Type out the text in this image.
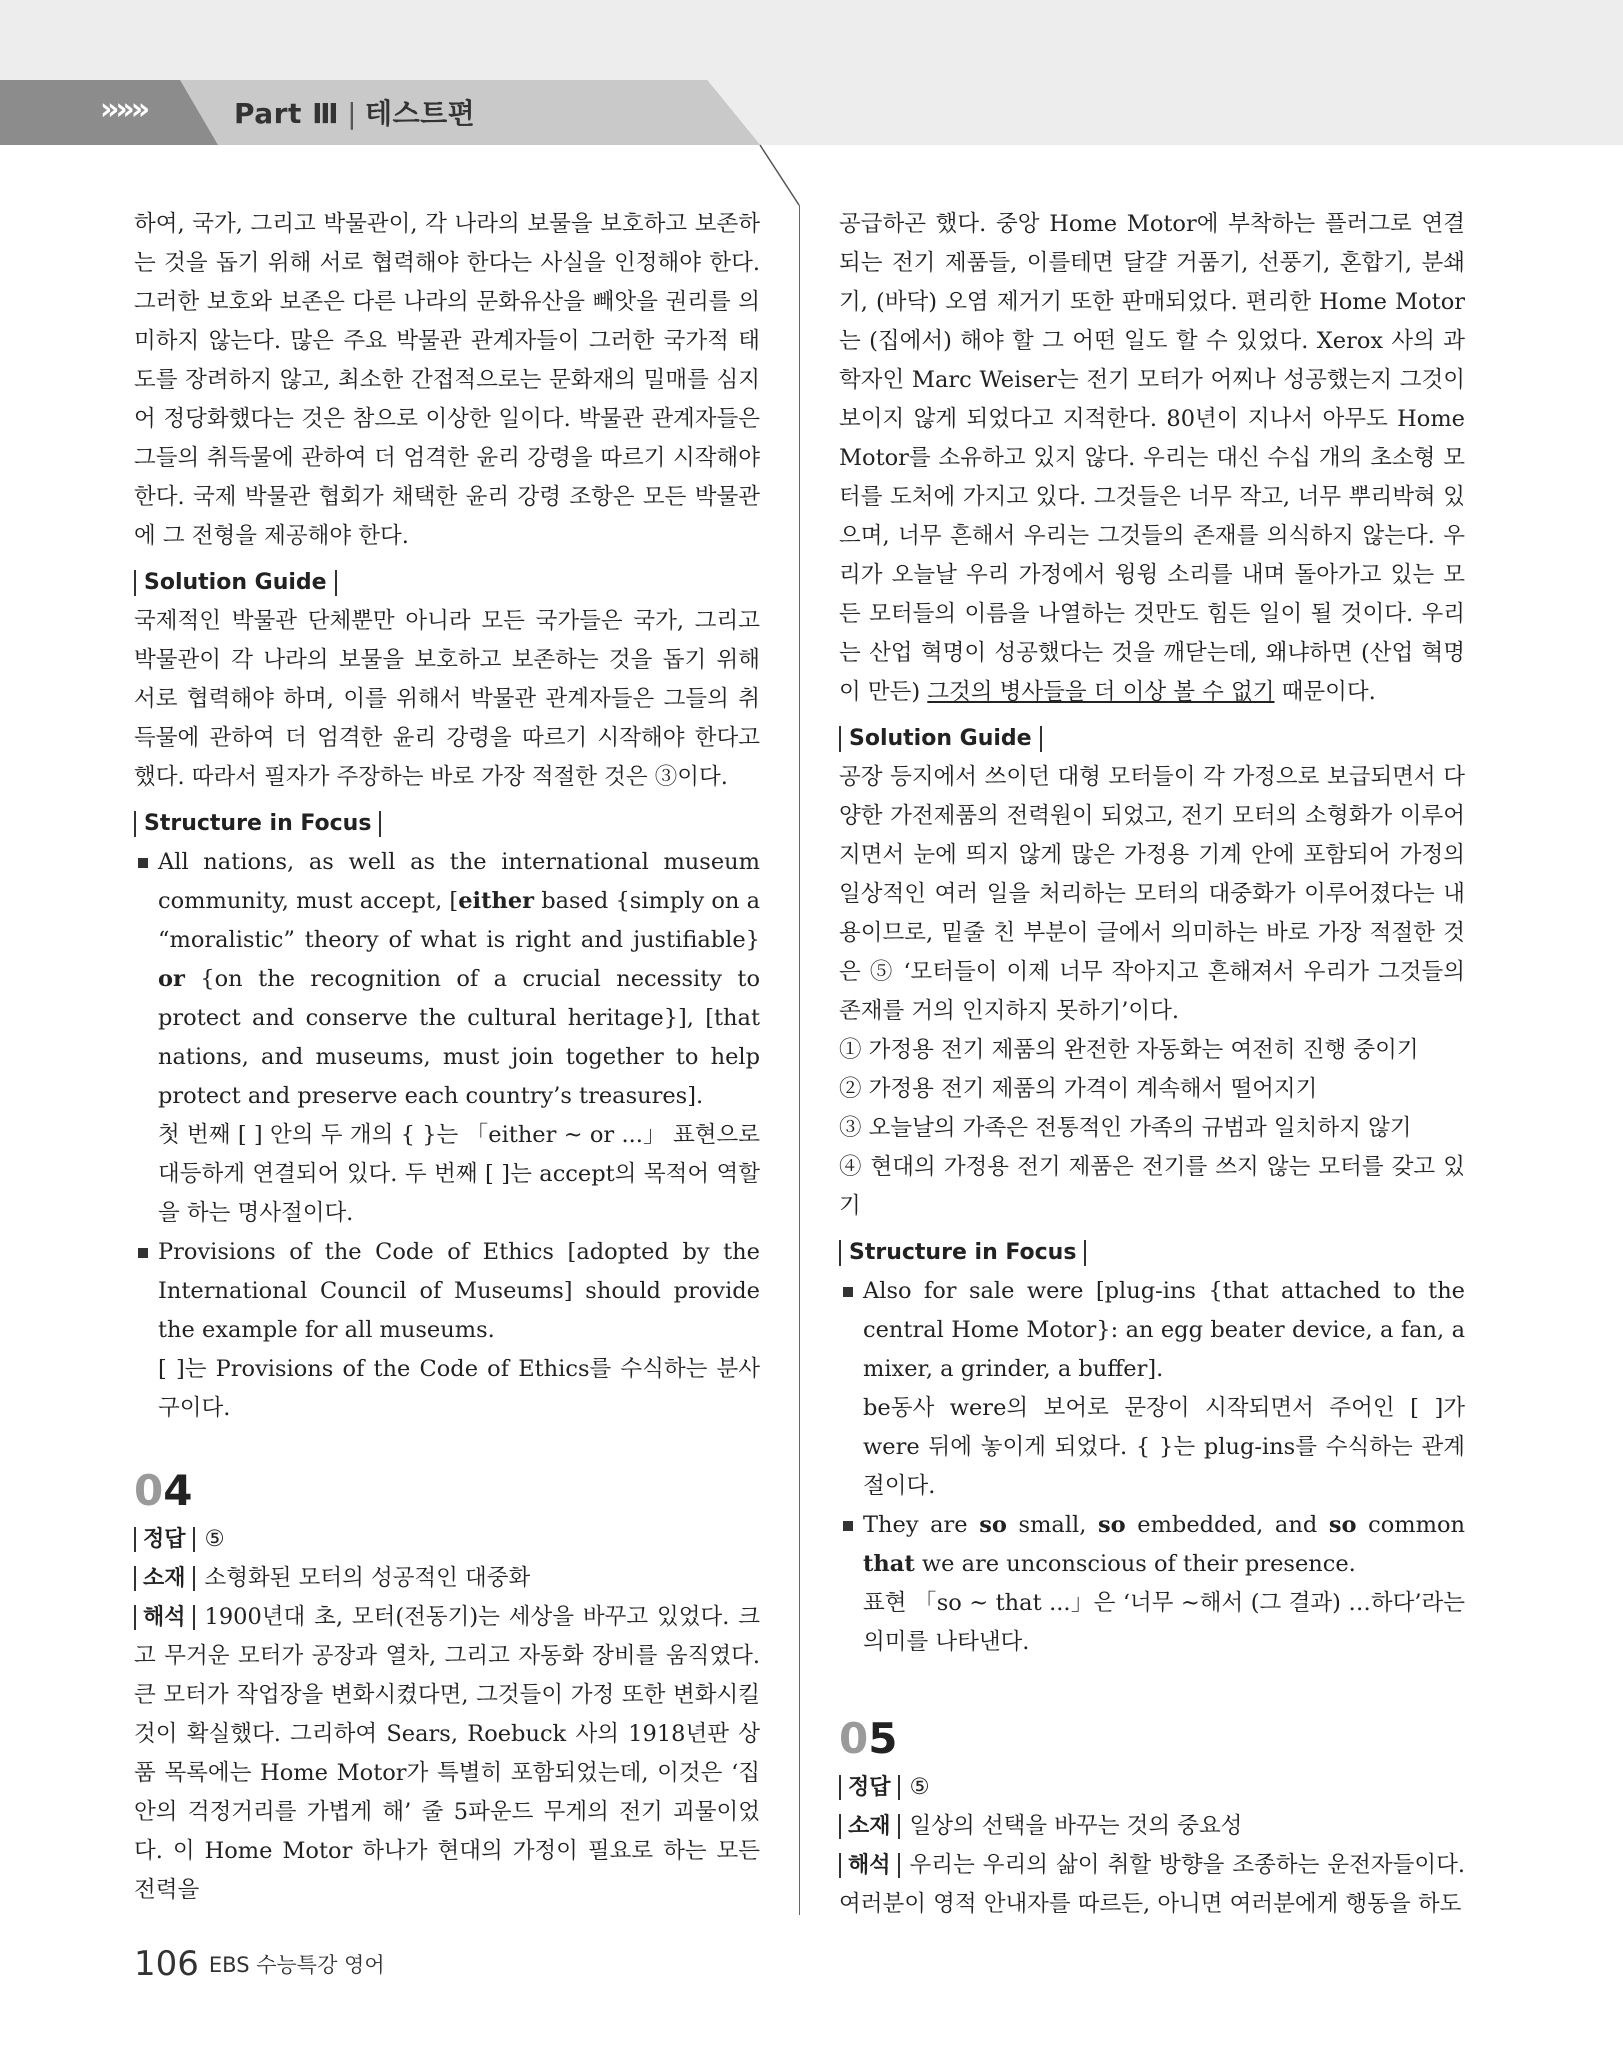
»»»	Part Ⅲ | 테스트편

하여, 국가, 그리고 박물관이, 각 나라의 보물을 보호하고 보존하는 것을 돕기 위해 서로 협력해야 한다는 사실을 인정해야 한다. 그러한 보호와 보존은 다른 나라의 문화유산을 빼앗을 권리를 의미하지 않는다. 많은 주요 박물관 관계자들이 그러한 국가적 태도를 장려하지 않고, 최소한 간접적으로는 문화재의 밀매를 심지어 정당화했다는 것은 참으로 이상한 일이다. 박물관 관계자들은 그들의 취득물에 관하여 더 엄격한 윤리 강령을 따르기 시작해야 한다. 국제 박물관 협회가 채택한 윤리 강령 조항은 모든 박물관에 그 전형을 제공해야 한다.

Solution Guide

국제적인 박물관 단체뿐만 아니라 모든 국가들은 국가, 그리고 박물관이 각 나라의 보물을 보호하고 보존하는 것을 돕기 위해 서로 협력해야 하며, 이를 위해서 박물관 관계자들은 그들의 취득물에 관하여 더 엄격한 윤리 강령을 따르기 시작해야 한다고 했다. 따라서 필자가 주장하는 바로 가장 적절한 것은 ③이다.

Structure in Focus
All nations, as well as the international museum community, must accept, [either based {simply on a “moralistic” theory of what is right and justifiable} or {on the recognition of a crucial necessity to protect and conserve the cultural heritage}], [that nations, and museums, must join together to help protect and preserve each country’s treasures].

첫 번째 [ ] 안의 두 개의 { }는 「either ~ or ...」 표현으로 대등하게 연결되어 있다. 두 번째 [ ]는 accept의 목적어 역할을 하는 명사절이다.

Provisions of the Code of Ethics [adopted by the International Council of Museums] should provide the example for all museums.

[ ]는 Provisions of the Code of Ethics를 수식하는 분사구이다.

04

정답 ⑤

소재 소형화된 모터의 성공적인 대중화

해석 1900년대 초, 모터(전동기)는 세상을 바꾸고 있었다. 크고 무거운 모터가 공장과 열차, 그리고 자동화 장비를 움직였다. 큰 모터가 작업장을 변화시켰다면, 그것들이 가정 또한 변화시킬 것이 확실했다. 그리하여 Sears, Roebuck 사의 1918년판 상품 목록에는 Home Motor가 특별히 포함되었는데, 이것은 ‘집안의 걱정거리를 가볍게 해’ 줄 5파운드 무게의 전기 괴물이었다. 이 Home Motor 하나가 현대의 가정이 필요로 하는 모든 전력을

공급하곤 했다. 중앙 Home Motor에 부착하는 플러그로 연결되는 전기 제품들, 이를테면 달걀 거품기, 선풍기, 혼합기, 분쇄기, (바닥) 오염 제거기 또한 판매되었다. 편리한 Home Motor는 (집에서) 해야 할 그 어떤 일도 할 수 있었다. Xerox 사의 과학자인 Marc Weiser는 전기 모터가 어찌나 성공했는지 그것이 보이지 않게 되었다고 지적한다. 80년이 지나서 아무도 Home Motor를 소유하고 있지 않다. 우리는 대신 수십 개의 초소형 모터를 도처에 가지고 있다. 그것들은 너무 작고, 너무 뿌리박혀 있으며, 너무 흔해서 우리는 그것들의 존재를 의식하지 않는다. 우리가 오늘날 우리 가정에서 윙윙 소리를 내며 돌아가고 있는 모든 모터들의 이름을 나열하는 것만도 힘든 일이 될 것이다. 우리는 산업 혁명이 성공했다는 것을 깨닫는데, 왜냐하면 (산업 혁명이 만든) 그것의 병사들을 더 이상 볼 수 없기 때문이다.

Solution Guide

공장 등지에서 쓰이던 대형 모터들이 각 가정으로 보급되면서 다양한 가전제품의 전력원이 되었고, 전기 모터의 소형화가 이루어지면서 눈에 띄지 않게 많은 가정용 기계 안에 포함되어 가정의 일상적인 여러 일을 처리하는 모터의 대중화가 이루어졌다는 내용이므로, 밑줄 친 부분이 글에서 의미하는 바로 가장 적절한 것은 ⑤ ‘모터들이 이제 너무 작아지고 흔해져서 우리가 그것들의 존재를 거의 인지하지 못하기’이다.

① 가정용 전기 제품의 완전한 자동화는 여전히 진행 중이기

② 가정용 전기 제품의 가격이 계속해서 떨어지기

③ 오늘날의 가족은 전통적인 가족의 규범과 일치하지 않기

④ 현대의 가정용 전기 제품은 전기를 쓰지 않는 모터를 갖고 있기

Structure in Focus
Also for sale were [plug-ins {that attached to the central Home Motor}: an egg beater device, a fan, a mixer, a grinder, a buffer].

be동사 were의 보어로 문장이 시작되면서 주어인 [ ]가 were 뒤에 놓이게 되었다. { }는 plug-ins를 수식하는 관계절이다.

They are so small, so embedded, and so common that we are unconscious of their presence.

표현 「so ~ that ...」은 ‘너무 ~해서 (그 결과) …하다’라는 의미를 나타낸다.

05

정답 ⑤

소재 일상의 선택을 바꾸는 것의 중요성

해석 우리는 우리의 삶이 취할 방향을 조종하는 운전자들이다. 여러분이 영적 안내자를 따르든, 아니면 여러분에게 행동을 하도

106 EBS 수능특강 영어
